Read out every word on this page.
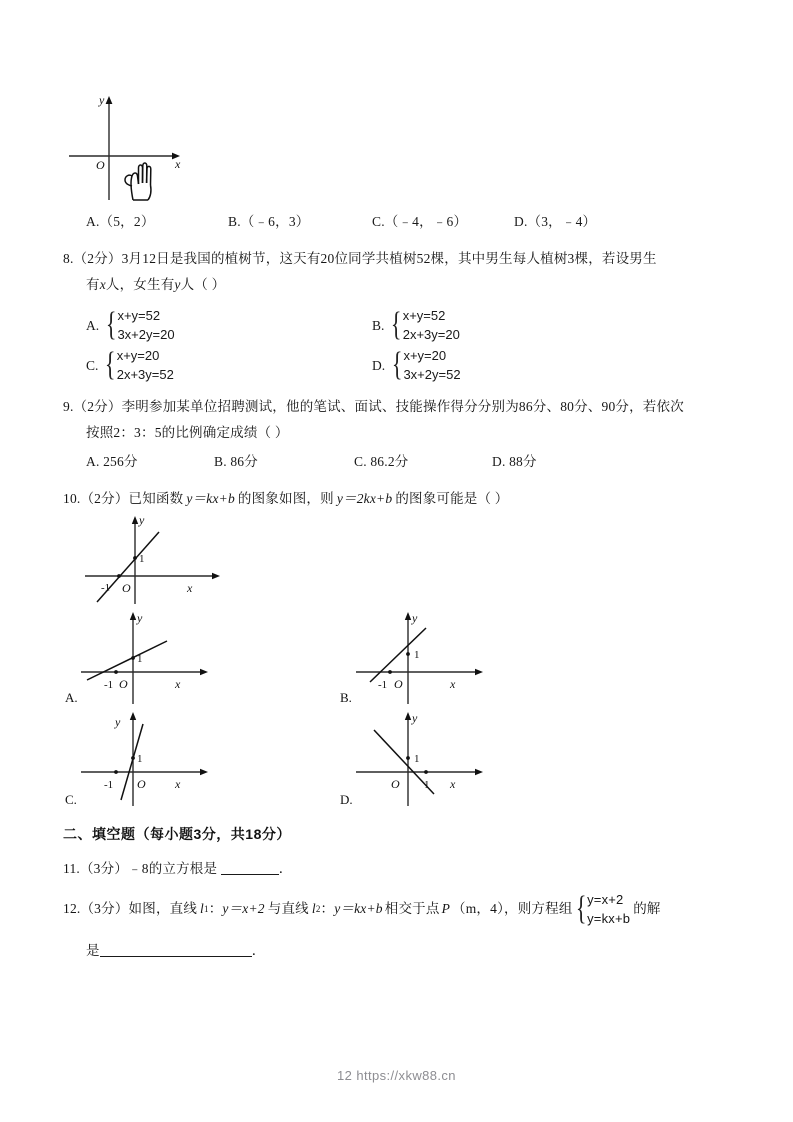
y
x
O
A.（5，2）	B.（﹣6，3）	C.（﹣4，﹣6）	D.（3，﹣4）
8.（2分）3月12日是我国的植树节，这天有20位同学共植树52棵，其中男生每人植树3棵，若设男生
有x人，女生有y人（ ）
A. { x+y=52
3x+2y=20
B. { x+y=52
2x+3y=20
C. { x+y=20
2x+3y=52
D. { x+y=20
3x+2y=52
9.（2分）李明参加某单位招聘测试，他的笔试、面试、技能操作得分分别为86分、80分、90分，若依次
按照2：3：5的比例确定成绩（ ）
A. 256分	B. 86分	C. 86.2分	D. 88分
10.（2分）已知函数 y＝kx+b 的图象如图，则 y＝2kx+b 的图象可能是（ ）
y
x
O
1
-1
y
x
O
1
-1
A.
y
x
O
1
-1
B.
y
x
O
1
-1
C.
y
x
O
1
1
D.
二、填空题（每小题3分，共18分）
11.（3分）﹣8的立方根是	．
12. （3分） 如图，直线 l 1 ： y＝x+2 与直线 l 2 ： y＝kx+b 相交于点 P （m，4）， 则方程组 { y=x+2
y=kx+b
的解
是	．
12 https://xkw88.cn
